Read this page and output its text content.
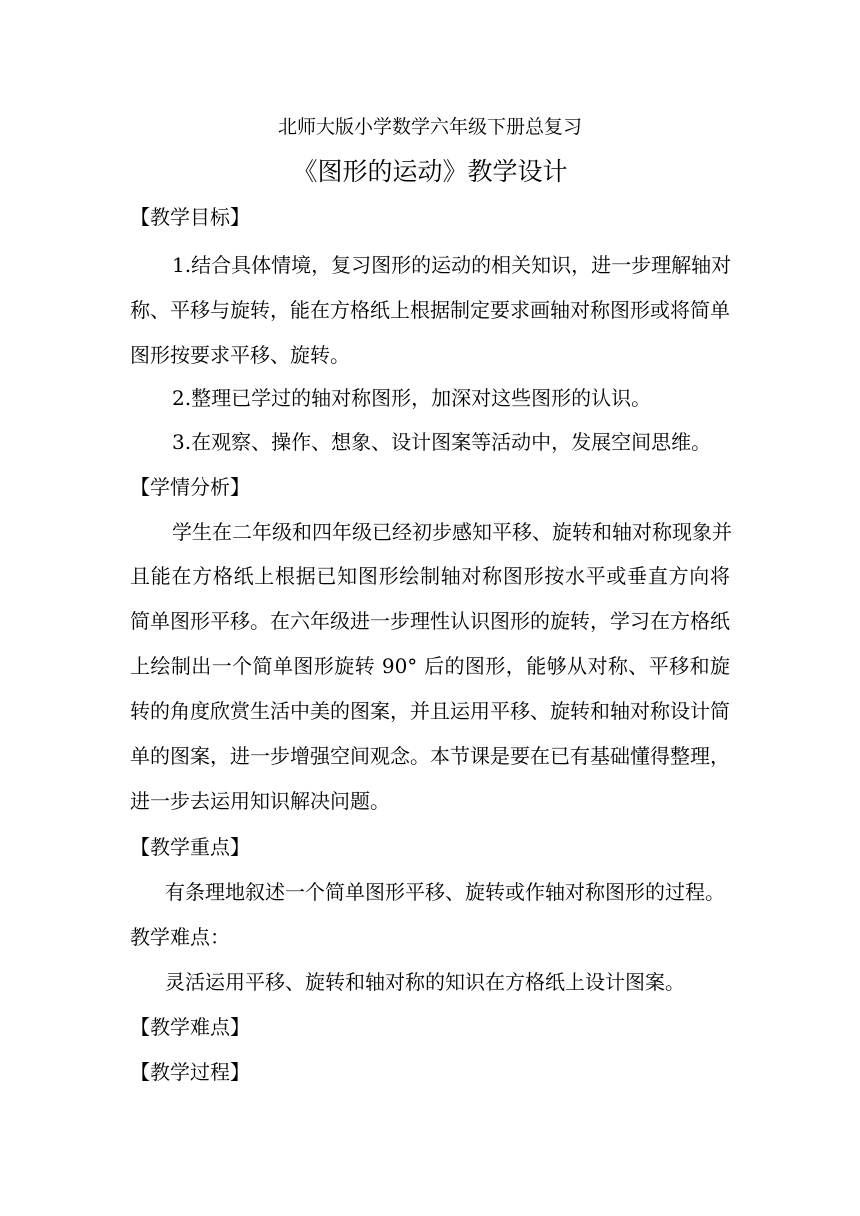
北师大版小学数学六年级下册总复习
《图形的运动》教学设计
【教学目标】
1.结合具体情境，复习图形的运动的相关知识，进一步理解轴对
称、平移与旋转，能在方格纸上根据制定要求画轴对称图形或将简单
图形按要求平移、旋转。
2.整理已学过的轴对称图形，加深对这些图形的认识。
3.在观察、操作、想象、设计图案等活动中，发展空间思维。
【学情分析】
学生在二年级和四年级已经初步感知平移、旋转和轴对称现象并
且能在方格纸上根据已知图形绘制轴对称图形按水平或垂直方向将
简单图形平移。在六年级进一步理性认识图形的旋转，学习在方格纸
上绘制出一个简单图形旋转 90° 后的图形，能够从对称、平移和旋
转的角度欣赏生活中美的图案，并且运用平移、旋转和轴对称设计简
单的图案，进一步增强空间观念。本节课是要在已有基础懂得整理，
进一步去运用知识解决问题。
【教学重点】
有条理地叙述一个简单图形平移、旋转或作轴对称图形的过程。
教学难点：
灵活运用平移、旋转和轴对称的知识在方格纸上设计图案。
【教学难点】
【教学过程】
